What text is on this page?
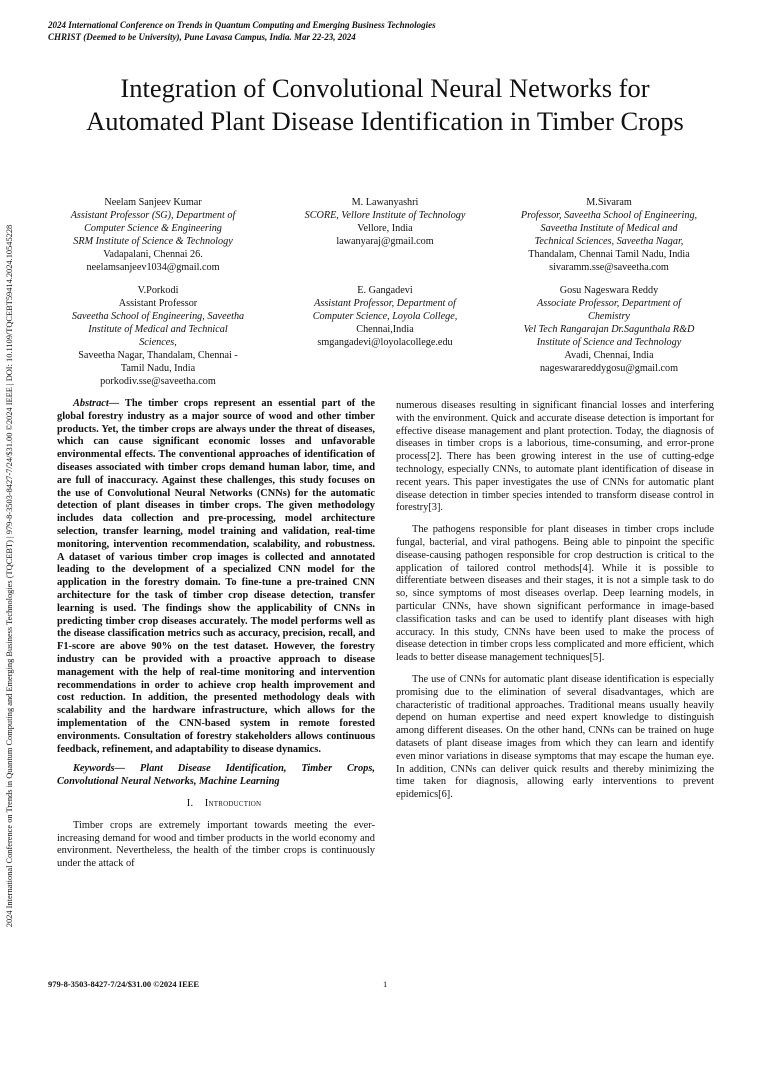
2024 International Conference on Trends in Quantum Computing and Emerging Business Technologies
CHRIST (Deemed to be University), Pune Lavasa Campus, India. Mar 22-23, 2024
2024 International Conference on Trends in Quantum Computing and Emerging Business Technologies (TQCEBT) | 979-8-3503-8427-7/24/$31.00 ©2024 IEEE | DOI: 10.1109/TQCEBT59414.2024.10545228
Integration of Convolutional Neural Networks for Automated Plant Disease Identification in Timber Crops
Neelam Sanjeev Kumar
Assistant Professor (SG), Department of
Computer Science & Engineering
SRM Institute of Science & Technology
Vadapalani, Chennai 26.
neelamsanjeev1034@gmail.com
M. Lawanyashri
SCORE, Vellore Institute of Technology
Vellore, India
lawanyaraj@gmail.com
M.Sivaram
Professor, Saveetha School of Engineering,
Saveetha Institute of Medical and
Technical Sciences, Saveetha Nagar,
Thandalam, Chennai Tamil Nadu, India
sivaramm.sse@saveetha.com
V.Porkodi
Assistant Professor
Saveetha School of Engineering, Saveetha
Institute of Medical and Technical
Sciences,
Saveetha Nagar, Thandalam, Chennai -
Tamil Nadu, India
porkodiv.sse@saveetha.com
E. Gangadevi
Assistant Professor, Department of
Computer Science, Loyola College,
Chennai,India
smgangadevi@loyolacollege.edu
Gosu Nageswara Reddy
Associate Professor, Department of
Chemistry
Vel Tech Rangarajan Dr.Sagunthala R&D
Institute of Science and Technology
Avadi, Chennai, India
nageswarareddygosu@gmail.com

Abstract— The timber crops represent an essential part of the global forestry industry as a major source of wood and other timber products. Yet, the timber crops are always under the threat of diseases, which can cause significant economic losses and unfavorable environmental effects. The conventional approaches of identification of diseases associated with timber crops demand human labor, time, and are full of inaccuracy. Against these challenges, this study focuses on the use of Convolutional Neural Networks (CNNs) for the automatic detection of plant diseases in timber crops. The given methodology includes data collection and pre-processing, model architecture selection, transfer learning, model training and validation, real-time monitoring, intervention recommendation, scalability, and robustness. A dataset of various timber crop images is collected and annotated leading to the development of a specialized CNN model for the application in the forestry domain. To fine-tune a pre-trained CNN architecture for the task of timber crop disease detection, transfer learning is used. The findings show the applicability of CNNs in predicting timber crop diseases accurately. The model performs well as the disease classification metrics such as accuracy, precision, recall, and F1-score are above 90% on the test dataset. However, the forestry industry can be provided with a proactive approach to disease management with the help of real-time monitoring and intervention recommendations in order to achieve crop health improvement and cost reduction. In addition, the presented methodology deals with scalability and the hardware infrastructure, which allows for the implementation of the CNN-based system in remote forested environments. Consultation of forestry stakeholders allows continuous feedback, refinement, and adaptability to disease dynamics.

Keywords— Plant Disease Identification, Timber Crops, Convolutional Neural Networks, Machine Learning

I. Introduction

Timber crops are extremely important towards meeting the ever-increasing demand for wood and timber products in the world economy and environment. Nevertheless, the health of the timber crops is continuously under the attack of

numerous diseases resulting in significant financial losses and interfering with the environment. Quick and accurate disease detection is important for effective disease management and plant protection. Today, the diagnosis of diseases in timber crops is a laborious, time-consuming, and error-prone process[2]. There has been growing interest in the use of cutting-edge technology, especially CNNs, to automate plant identification of disease in recent years. This paper investigates the use of CNNs for automatic plant disease detection in timber species intended to transform disease control in forestry[3].

The pathogens responsible for plant diseases in timber crops include fungal, bacterial, and viral pathogens. Being able to pinpoint the specific disease-causing pathogen responsible for crop destruction is critical to the application of tailored control methods[4]. While it is possible to differentiate between diseases and their stages, it is not a simple task to do so, since symptoms of most diseases overlap. Deep learning models, in particular CNNs, have shown significant performance in image-based classification tasks and can be used to identify plant diseases with high accuracy. In this study, CNNs have been used to make the process of disease detection in timber crops less complicated and more efficient, which leads to better disease management techniques[5].

The use of CNNs for automatic plant disease identification is especially promising due to the elimination of several disadvantages, which are characteristic of traditional approaches. Traditional means usually heavily depend on human expertise and need expert knowledge to distinguish among different diseases. On the other hand, CNNs can be trained on huge datasets of plant disease images from which they can learn and identify even minor variations in disease symptoms that may escape the human eye. In addition, CNNs can deliver quick results and thereby minimizing the time taken for diagnosis, allowing early interventions to prevent epidemics[6].

979-8-3503-8427-7/24/$31.00 ©2024 IEEE	1
